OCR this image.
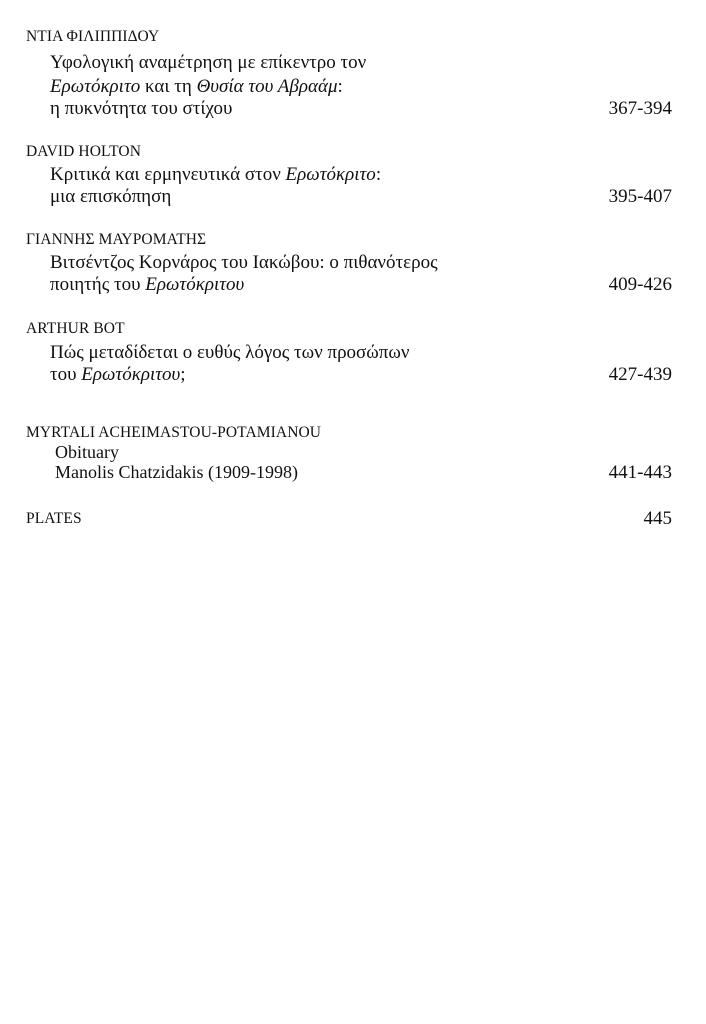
ΝΤΙΑ ΦΙΛΙΠΠΙΔΟΥ
Υφολογική αναμέτρηση με επίκεντρο τον
Ερωτόκριτο και τη Θυσία του Αβραάμ:
η πυκνότητα του στίχου	367-394
DAVID HOLTON
Κριτικά και ερμηνευτικά στον Ερωτόκριτο:
μια επισκόπηση	395-407
ΓΙΑΝΝΗΣ ΜΑΥΡΟΜΑΤΗΣ
Βιτσέντζος Κορνάρος του Ιακώβου: ο πιθανότερος
ποιητής του Ερωτόκριτου	409-426
ARTHUR BOT
Πώς μεταδίδεται ο ευθύς λόγος των προσώπων
του Ερωτόκριτου;	427-439
MYRTALI ACHEIMASTOU-POTAMIANOU
Obituary
Manolis Chatzidakis (1909-1998)	441-443
PLATES	445
